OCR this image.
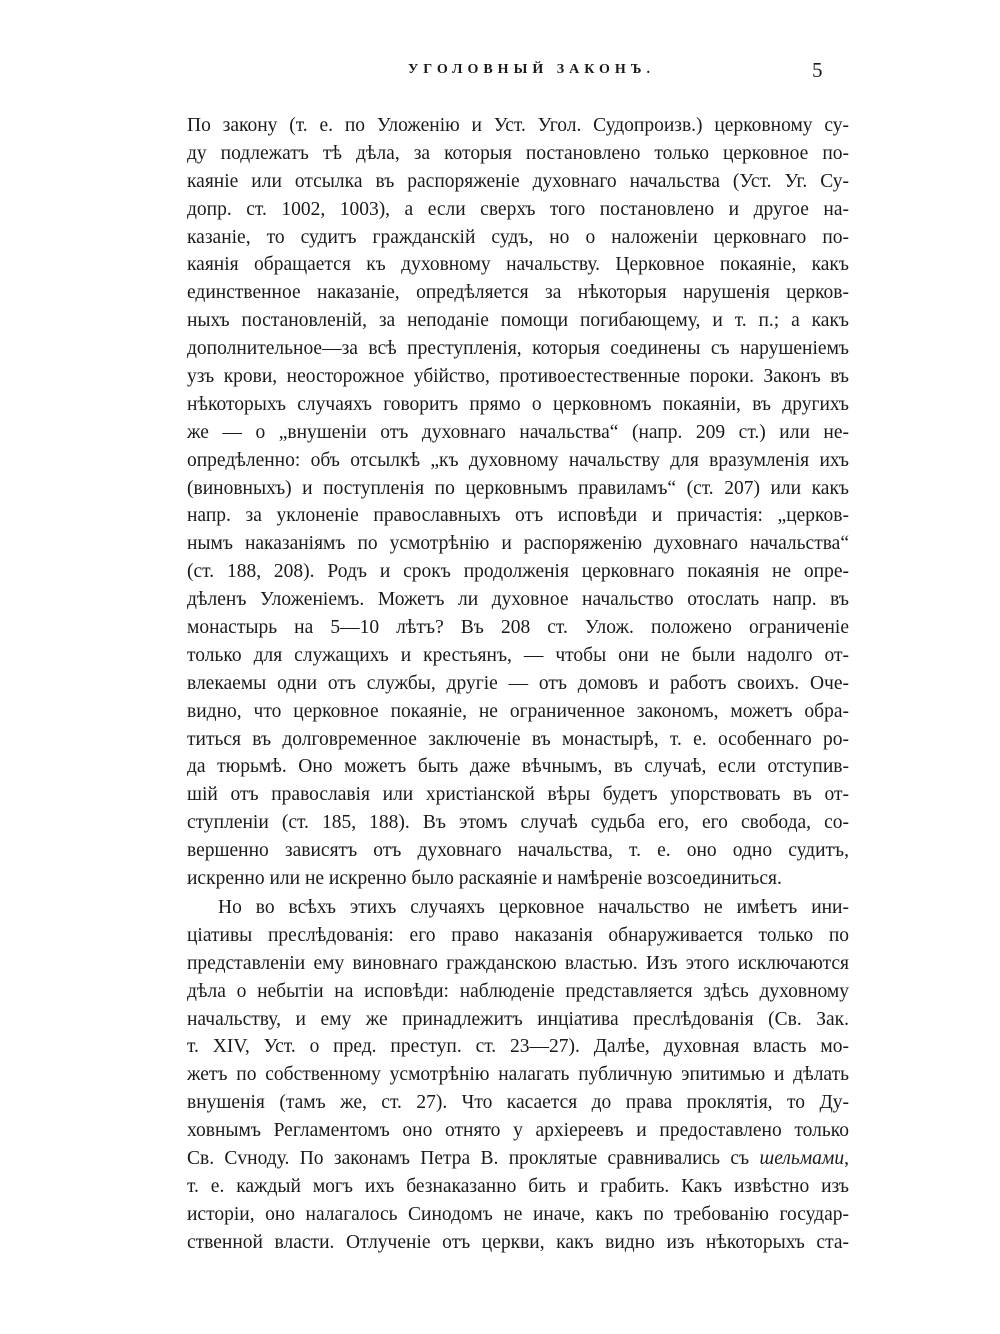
УГОЛОВНЫЙ ЗАКОНЪ.	5
По закону (т. е. по Уложенію и Уст. Угол. Судопроизв.) церковному су-
ду подлежатъ тѣ дѣла, за которыя постановлено только церковное по-
каяніе или отсылка въ распоряженіе духовнаго начальства (Уст. Уг. Су-
допр. ст. 1002, 1003), а если сверхъ того постановлено и другое на-
казаніе, то судитъ гражданскій судъ, но о наложеніи церковнаго по-
каянія обращается къ духовному начальству. Церковное покаяніе, какъ
единственное наказаніе, опредѣляется за нѣкоторыя нарушенія церков-
ныхъ постановленій, за неподаніе помощи погибающему, и т. п.; а какъ
дополнительное—за всѣ преступленія, которыя соединены съ нарушеніемъ
узъ крови, неосторожное убійство, противоестественные пороки. Законъ въ
нѣкоторыхъ случаяхъ говоритъ прямо о церковномъ покаяніи, въ другихъ
же — о „внушеніи отъ духовнаго начальства“ (напр. 209 ст.) или не-
опредѣленно: объ отсылкѣ „къ духовному начальству для вразумленія ихъ
(виновныхъ) и поступленія по церковнымъ правиламъ“ (ст. 207) или какъ
напр. за уклоненіе православныхъ отъ исповѣди и причастія: „церков-
нымъ наказаніямъ по усмотрѣнію и распоряженію духовнаго начальства“
(ст. 188, 208). Родъ и срокъ продолженія церковнаго покаянія не опре-
дѣленъ Уложеніемъ. Можетъ ли духовное начальство отослать напр. въ
монастырь на 5—10 лѣтъ? Въ 208 ст. Улож. положено ограниченіе
только для служащихъ и крестьянъ, — чтобы они не были надолго от-
влекаемы одни отъ службы, другіе — отъ домовъ и работъ своихъ. Оче-
видно, что церковное покаяніе, не ограниченное закономъ, можетъ обра-
титься въ долговременное заключеніе въ монастырѣ, т. е. особеннаго ро-
да тюрьмѣ. Оно можетъ быть даже вѣчнымъ, въ случаѣ, если отступив-
шій отъ православія или христіанской вѣры будетъ упорствовать въ от-
ступленіи (ст. 185, 188). Въ этомъ случаѣ судьба его, его свобода, со-
вершенно зависятъ отъ духовнаго начальства, т. е. оно одно судитъ,
искренно или не искренно было раскаяніе и намѣреніе возсоединиться.
Но во всѣхъ этихъ случаяхъ церковное начальство не имѣетъ ини-
ціативы преслѣдованія: его право наказанія обнаруживается только по
представленіи ему виновнаго гражданскою властью. Изъ этого исключаются
дѣла о небытіи на исповѣди: наблюденіе представляется здѣсь духовному
начальству, и ему же принадлежитъ инціатива преслѣдованія (Св. Зак.
т. XIV, Уст. о пред. преступ. ст. 23—27). Далѣе, духовная власть мо-
жетъ по собственному усмотрѣнію налагать публичную эпитимью и дѣлать
внушенія (тамъ же, ст. 27). Что касается до права проклятія, то Ду-
ховнымъ Регламентомъ оно отнято у архіереевъ и предоставлено только
Св. Сvноду. По законамъ Петра В. проклятые сравнивались съ шельмами,
т. е. каждый могъ ихъ безнаказанно бить и грабить. Какъ извѣстно изъ
исторіи, оно налагалось Синодомъ не иначе, какъ по требованію государ-
ственной власти. Отлученіе отъ церкви, какъ видно изъ нѣкоторыхъ ста-
